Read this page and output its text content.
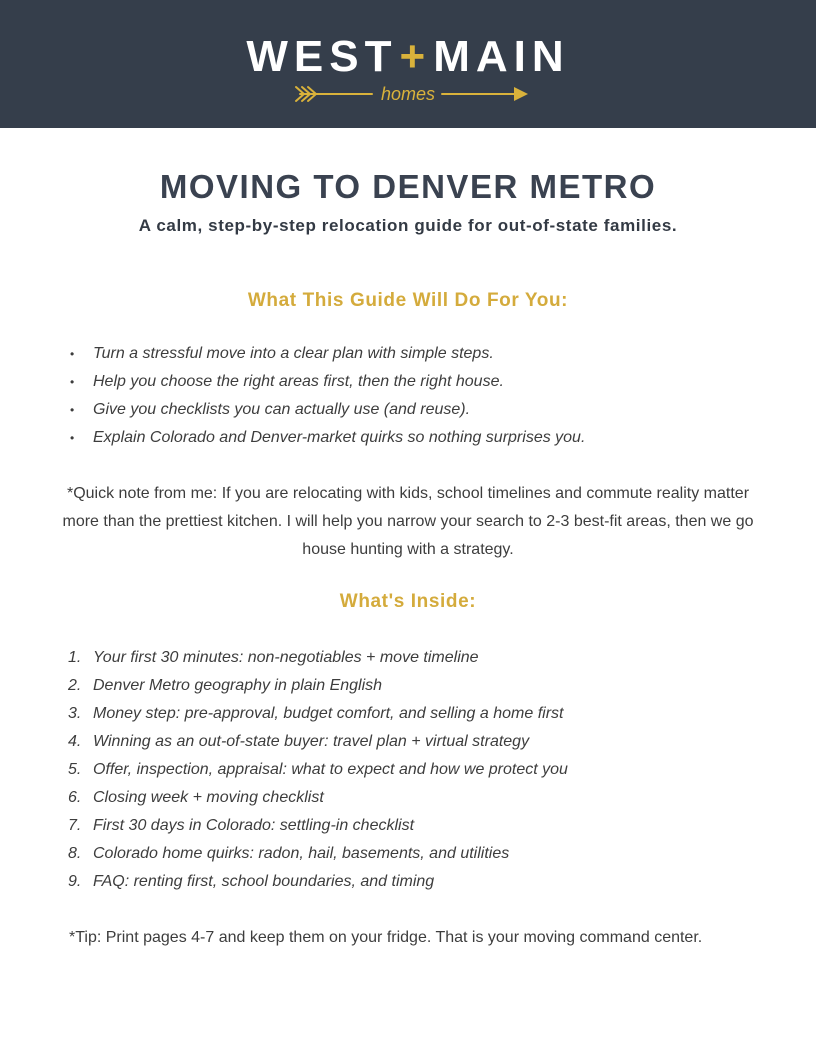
WEST+MAIN
homes
MOVING TO DENVER METRO
A calm, step-by-step relocation guide for out-of-state families.
What This Guide Will Do For You:
• Turn a stressful move into a clear plan with simple steps.
• Help you choose the right areas first, then the right house.
• Give you checklists you can actually use (and reuse).
• Explain Colorado and Denver-market quirks so nothing surprises you.
*Quick note from me: If you are relocating with kids, school timelines and commute reality matter more than the prettiest kitchen. I will help you narrow your search to 2-3 best-fit areas, then we go house hunting with a strategy.
What's Inside:
1. Your first 30 minutes: non-negotiables + move timeline
2. Denver Metro geography in plain English
3. Money step: pre-approval, budget comfort, and selling a home first
4. Winning as an out-of-state buyer: travel plan + virtual strategy
5. Offer, inspection, appraisal: what to expect and how we protect you
6. Closing week + moving checklist
7. First 30 days in Colorado: settling-in checklist
8. Colorado home quirks: radon, hail, basements, and utilities
9. FAQ: renting first, school boundaries, and timing
*Tip: Print pages 4-7 and keep them on your fridge. That is your moving command center.
